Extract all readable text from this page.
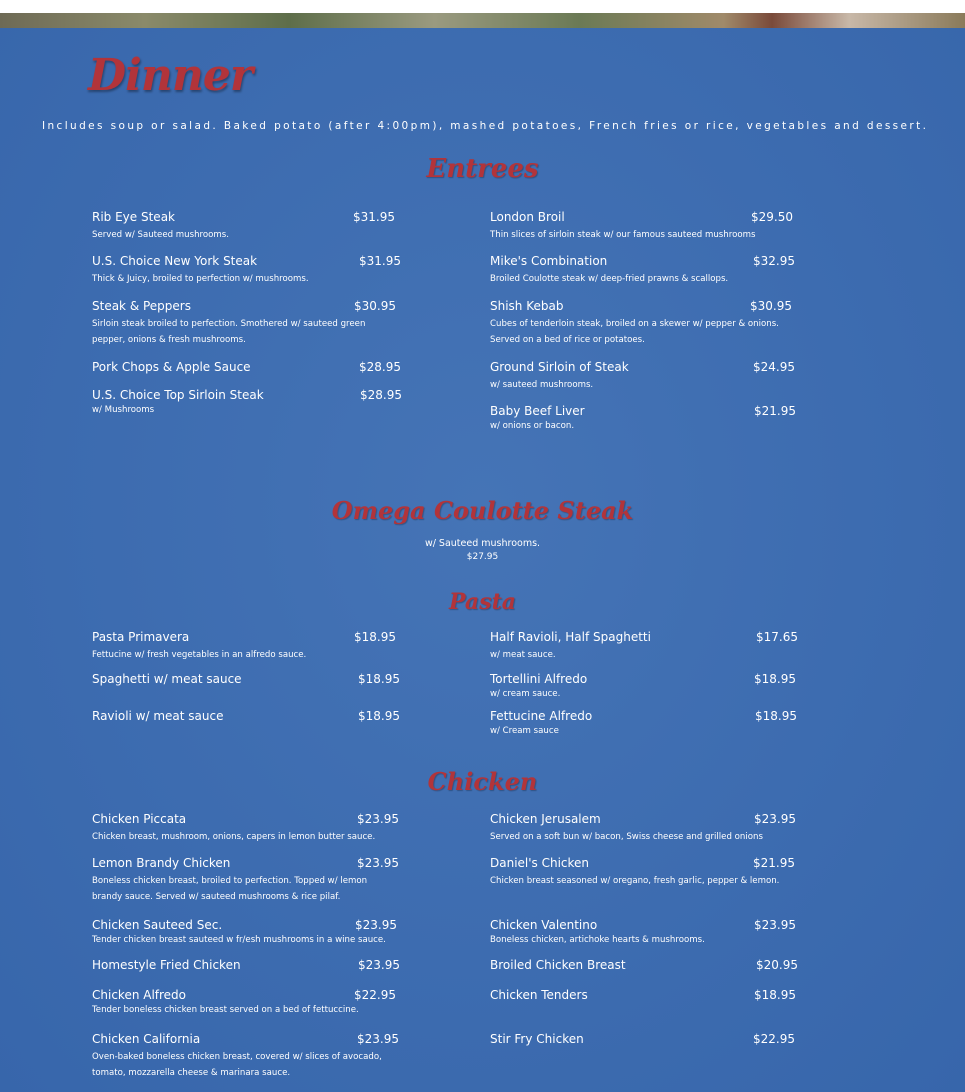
Dinner
Includes soup or salad. Baked potato (after 4:00pm), mashed potatoes, French fries or rice, vegetables and dessert.
Entrees
Rib Eye Steak	$31.95
Served w/ Sauteed mushrooms.
London Broil	$29.50
Thin slices of sirloin steak w/ our famous sauteed mushrooms
U.S. Choice New York Steak	$31.95
Thick & Juicy, broiled to perfection w/ mushrooms.
Mike's Combination	$32.95
Broiled Coulotte steak w/ deep-fried prawns & scallops.
Steak & Peppers	$30.95
Sirloin steak broiled to perfection. Smothered w/ sauteed green pepper, onions & fresh mushrooms.
Shish Kebab	$30.95
Cubes of tenderloin steak, broiled on a skewer w/ pepper & onions. Served on a bed of rice or potatoes.
Pork Chops & Apple Sauce	$28.95	Ground Sirloin of Steak	$24.95
w/ sauteed mushrooms.
U.S. Choice Top Sirloin Steak	$28.95
w/ Mushrooms	Baby Beef Liver	$21.95
w/ onions or bacon.
Omega Coulotte Steak
w/ Sauteed mushrooms.
$27.95
Pasta
Pasta Primavera	$18.95
Fettucine w/ fresh vegetables in an alfredo sauce.
Half Ravioli, Half Spaghetti	$17.65
w/ meat sauce.
Spaghetti w/ meat sauce	$18.95	Tortellini Alfredo	$18.95
w/ cream sauce.
Ravioli w/ meat sauce	$18.95	Fettucine Alfredo	$18.95
w/ Cream sauce
Chicken
Chicken Piccata	$23.95
Chicken breast, mushroom, onions, capers in lemon butter sauce.
Chicken Jerusalem	$23.95
Served on a soft bun w/ bacon, Swiss cheese and grilled onions
Lemon Brandy Chicken	$23.95
Boneless chicken breast, broiled to perfection. Topped w/ lemon brandy sauce. Served w/ sauteed mushrooms & rice pilaf.
Daniel's Chicken	$21.95
Chicken breast seasoned w/ oregano, fresh garlic, pepper & lemon.
Chicken Sauteed Sec.	$23.95
Tender chicken breast sauteed w fr/esh mushrooms in a wine sauce.
Chicken Valentino	$23.95
Boneless chicken, artichoke hearts & mushrooms.
Homestyle Fried Chicken	$23.95	Broiled Chicken Breast	$20.95
Chicken Alfredo	$22.95
Tender boneless chicken breast served on a bed of fettuccine.
Chicken Tenders	$18.95
Chicken California	$23.95
Oven-baked boneless chicken breast, covered w/ slices of avocado, tomato, mozzarella cheese & marinara sauce.
Stir Fry Chicken	$22.95
